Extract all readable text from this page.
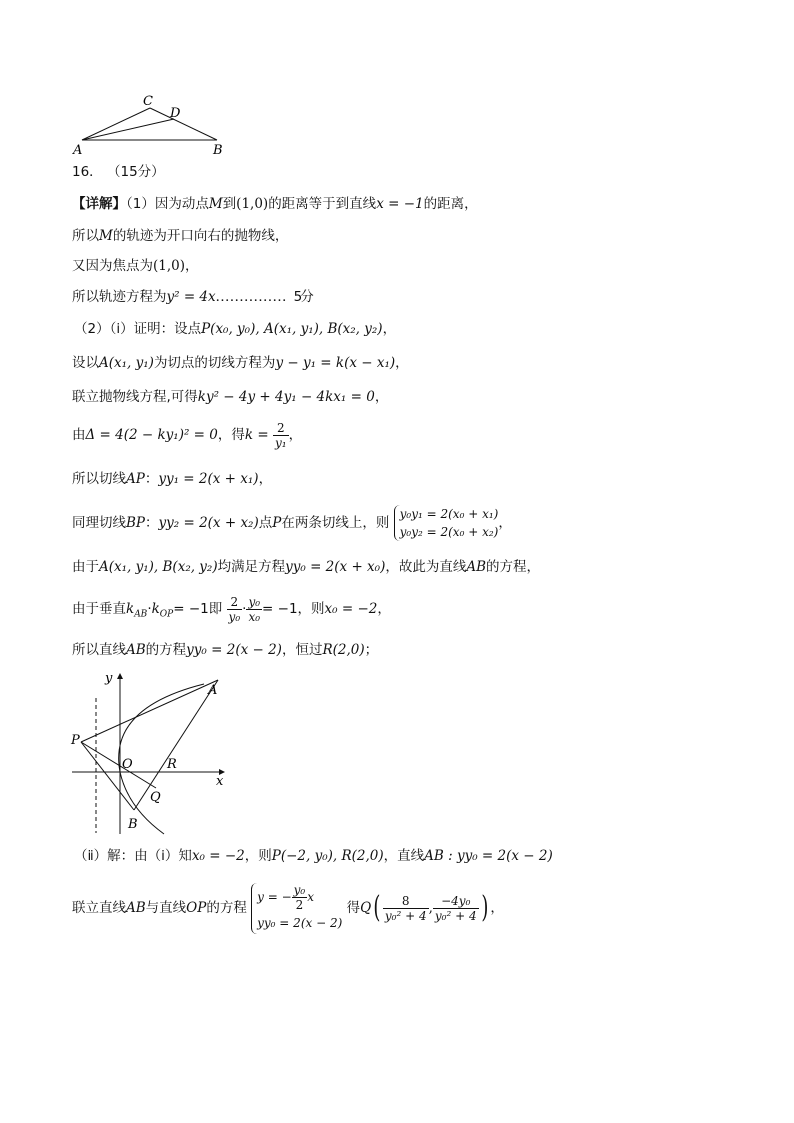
C
D
A	B
16． （15分）
【详解】（1）因为动点M到(1,0)的距离等于到直线x = −1的距离，
所以M的轨迹为开口向右的抛物线，
又因为焦点为(1,0)，
所以轨迹方程为y² = 4x．．．．．．．．．．．．．．．5分
（2）（ⅰ）证明：设点P(x₀, y₀), A(x₁, y₁), B(x₂, y₂)，
设以A(x₁, y₁)为切点的切线方程为y − y₁ = k(x − x₁)，
联立抛物线方程,可得ky² − 4y + 4y₁ − 4kx₁ = 0，
由Δ = 4(2 − ky₁)² = 0，得$k = \frac{2}{\text{y₁}}$ ，
所以切线AP：yy₁ = 2(x + x₁)，
同理切线BP：yy₂ = 2(x + x₂)点P在两条切线上，则
y₀y₁ = 2(x₀ + x₁)
y₀y₂ = 2(x₀ + x₂)
，
由于A(x₁, y₁), B(x₂, y₂)均满足方程yy₀ = 2(x + x₀)，故此为直线AB的方程，
由于垂直$k_{AB}\cdot k_{OP}= -1$即 $\frac{2}{\text{y₀}} \cdot \frac{\text{y₀}}{\text{x₀}} = -1$，则x₀ = −2，
所以直线AB的方程yy₀ = 2(x − 2)，恒过R(2,0)；
y
x
P
O	R
A
Q
B
（ⅱ）解：由（ⅰ）知x₀ = −2，则P(−2, y₀), R(2,0)，直线AB : yy₀ = 2(x − 2)
联立直线AB与直线OP的方程
y = − $\frac{\text{y₀}}{2}$ x
yy₀ = 2(x − 2)
得$Q( \frac{8}{\text{y₀² + 4}}$ , $\frac{\text{−4y₀}}{\text{y₀² + 4}}$ ) ，
